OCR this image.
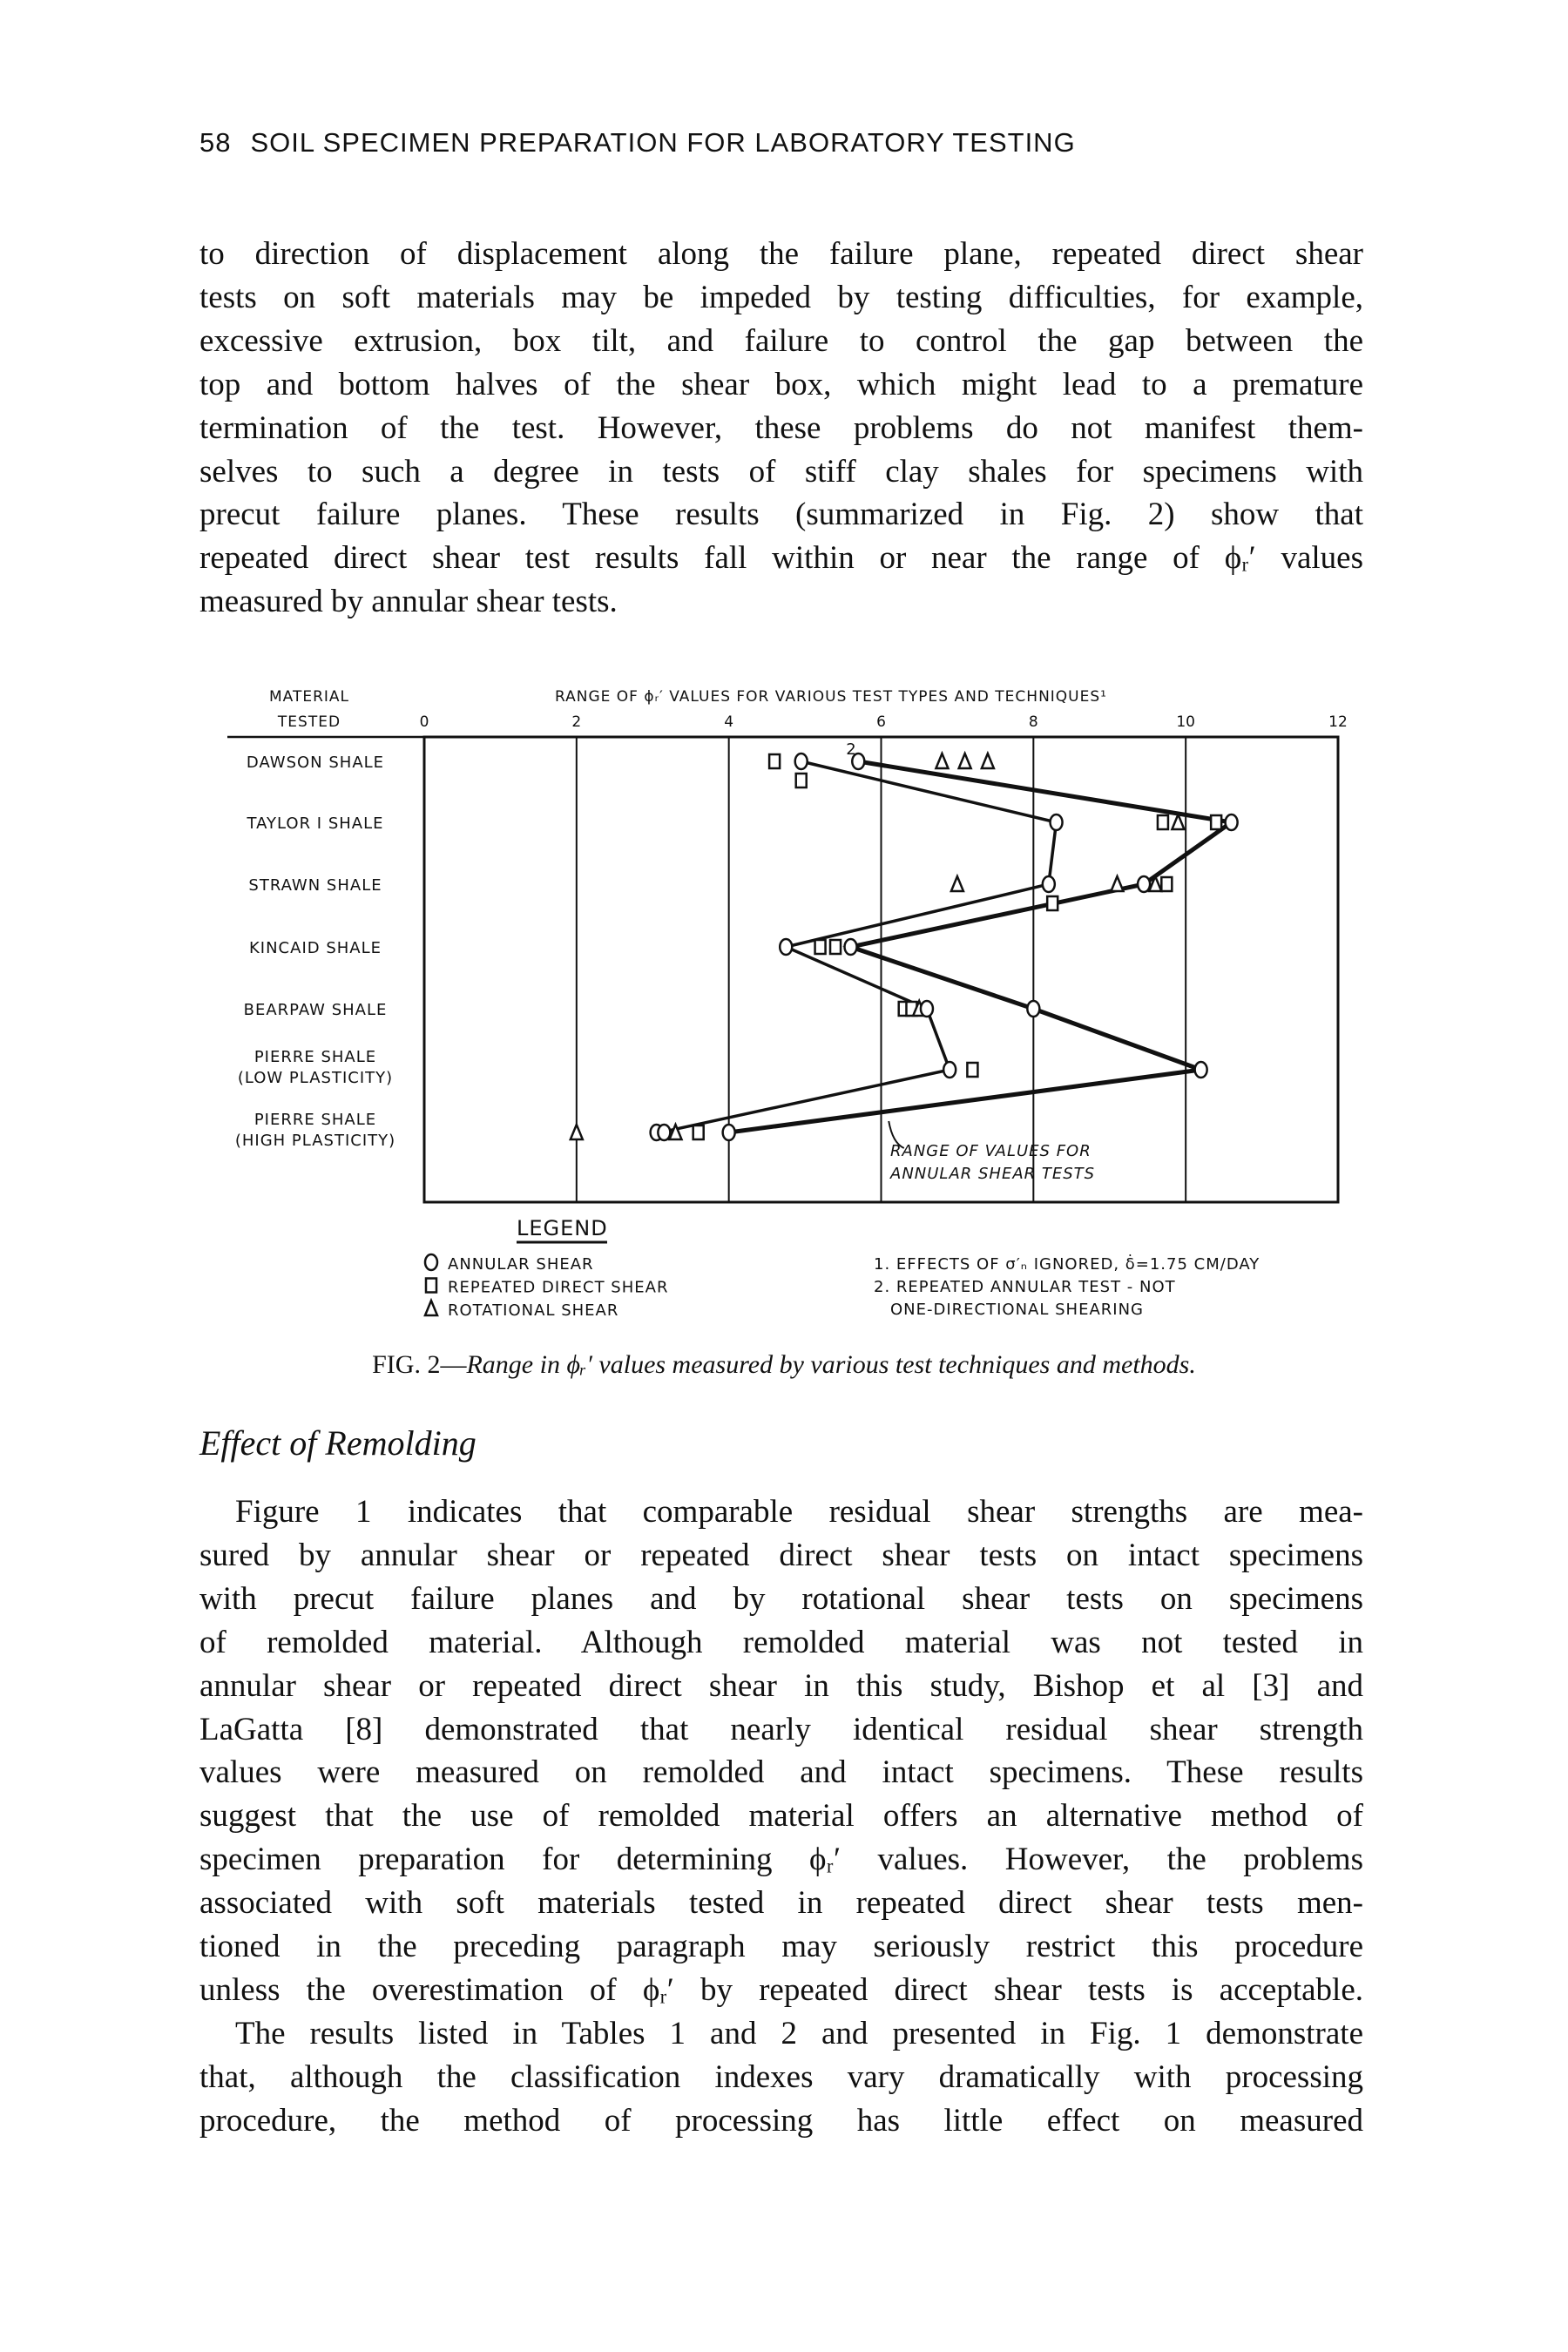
58 SOIL SPECIMEN PREPARATION FOR LABORATORY TESTING
to direction of displacement along the failure plane, repeated direct shear
tests on soft materials may be impeded by testing difficulties, for example,
excessive extrusion, box tilt, and failure to control the gap between the
top and bottom halves of the shear box, which might lead to a premature
termination of the test. However, these problems do not manifest them-
selves to such a degree in tests of stiff clay shales for specimens with
precut failure planes. These results (summarized in Fig. 2) show that
repeated direct shear test results fall within or near the range of ϕᵣ′ values
measured by annular shear tests.
MATERIAL
TESTED
RANGE OF ϕᵣ′ VALUES FOR VARIOUS TEST TYPES AND TECHNIQUES¹
0	2	4	6	8	10	12
DAWSON SHALE
TAYLOR I SHALE
STRAWN SHALE
KINCAID SHALE
BEARPAW SHALE
PIERRE SHALE
(LOW PLASTICITY)
PIERRE SHALE
(HIGH PLASTICITY)
2
RANGE OF VALUES FOR
ANNULAR SHEAR TESTS
LEGEND
ANNULAR SHEAR
REPEATED DIRECT SHEAR
ROTATIONAL SHEAR
1. EFFECTS OF σ′ₙ IGNORED, δ̇=1.75 CM/DAY
2. REPEATED ANNULAR TEST - NOT
ONE-DIRECTIONAL SHEARING
FIG. 2—Range in ϕᵣ′ values measured by various test techniques and methods.
Effect of Remolding
Figure 1 indicates that comparable residual shear strengths are mea-
sured by annular shear or repeated direct shear tests on intact specimens
with precut failure planes and by rotational shear tests on specimens
of remolded material. Although remolded material was not tested in
annular shear or repeated direct shear in this study, Bishop et al [3] and
LaGatta [8] demonstrated that nearly identical residual shear strength
values were measured on remolded and intact specimens. These results
suggest that the use of remolded material offers an alternative method of
specimen preparation for determining ϕᵣ′ values. However, the problems
associated with soft materials tested in repeated direct shear tests men-
tioned in the preceding paragraph may seriously restrict this procedure
unless the overestimation of ϕᵣ′ by repeated direct shear tests is acceptable.
The results listed in Tables 1 and 2 and presented in Fig. 1 demonstrate
that, although the classification indexes vary dramatically with processing
procedure, the method of processing has little effect on measured
